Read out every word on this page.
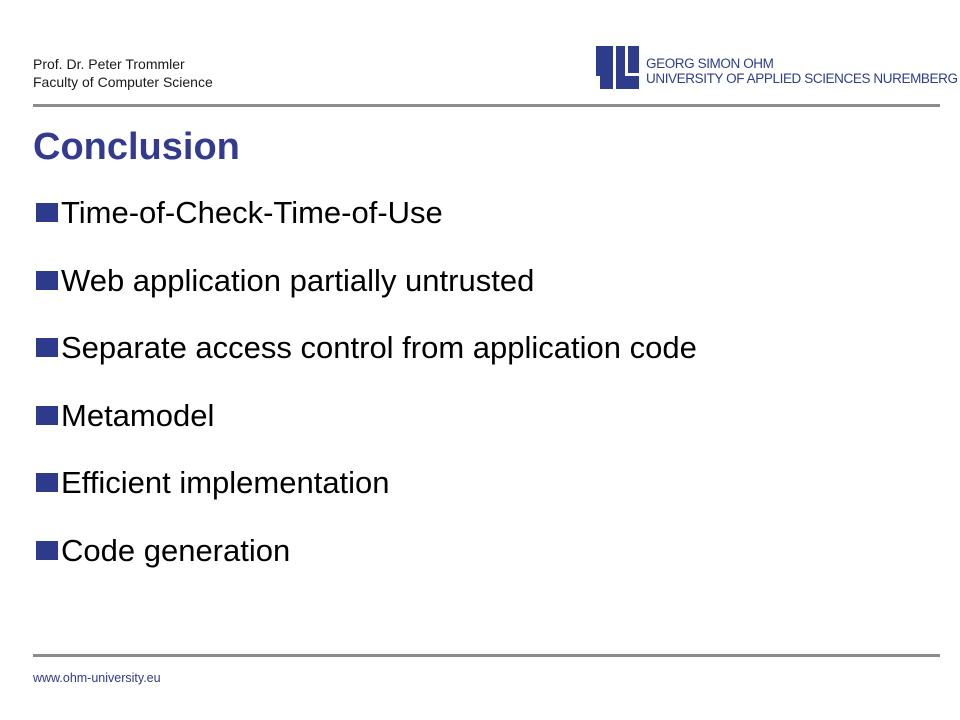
Prof. Dr. Peter Trommler
Faculty of Computer Science
GEORG SIMON OHM
UNIVERSITY OF APPLIED SCIENCES NUREMBERG
Conclusion
Time-of-Check-Time-of-Use
Web application partially untrusted
Separate access control from application code
Metamodel
Efficient implementation
Code generation
www.ohm-university.eu
